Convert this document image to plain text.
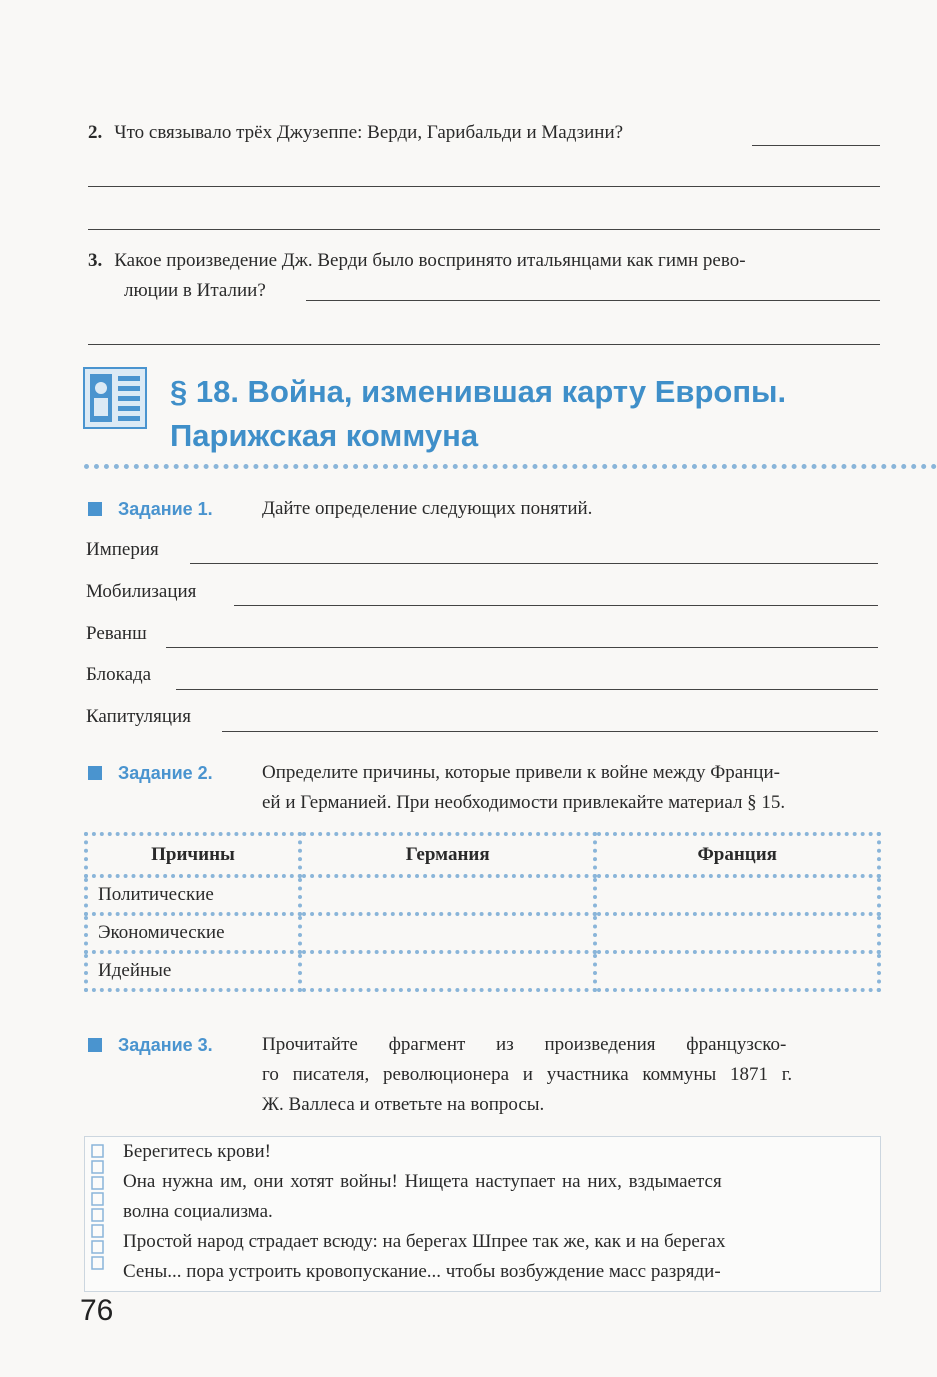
2. Что связывало трёх Джузеппе: Верди, Гарибальди и Мадзини?
3. Какое произведение Дж. Верди было воспринято итальянцами как гимн рево-
люции в Италии?
§ 18. Война, изменившая карту Европы.
Парижская коммуна
Задание 1.	Дайте определение следующих понятий.
Империя
Мобилизация
Реванш
Блокада
Капитуляция
Задание 2.	Определите причины, которые привели к войне между Франци-
ей и Германией. При необходимости привлекайте материал § 15.
Причины	Германия	Франция
Политические		
Экономические		
Идейные		
Задание 3.	Прочитайте фрагмент из произведения французско-
го писателя, революционера и участника коммуны 1871 г.
Ж. Валлеса и ответьте на вопросы.

Берегитесь крови!

Она нужна им, они хотят войны! Нищета наступает на них, вздымается

волна социализма.

Простой народ страдает всюду: на берегах Шпрее так же, как и на берегах

Сены... пора устроить кровопускание... чтобы возбуждение масс разряди-

76
